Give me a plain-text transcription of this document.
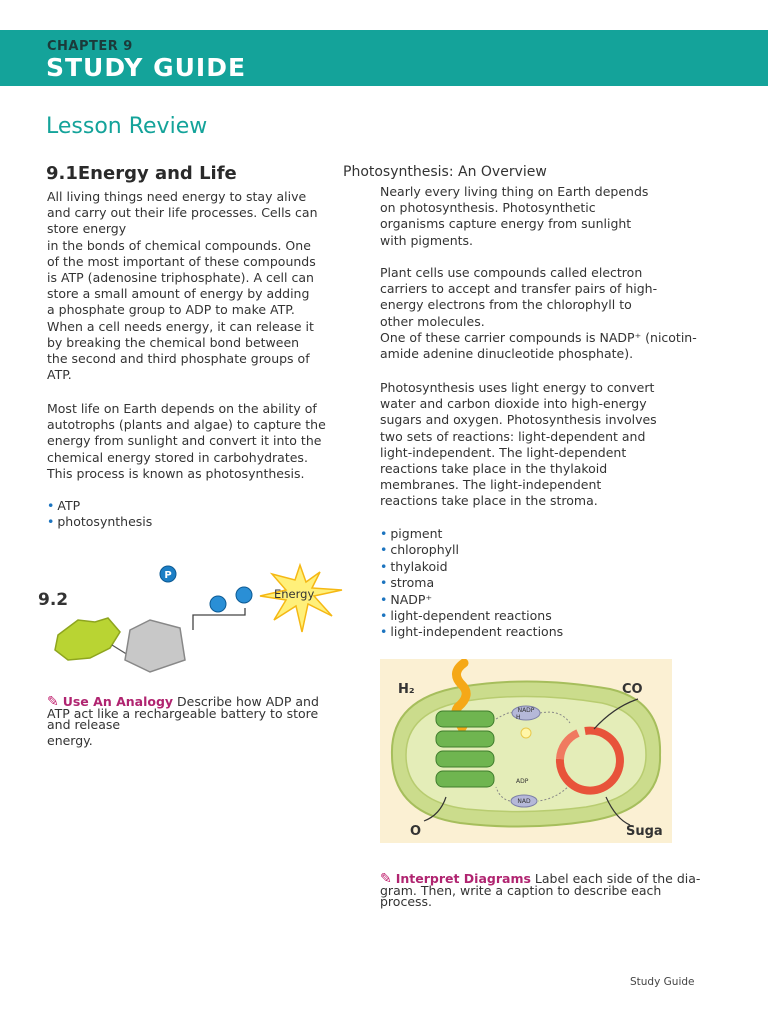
CHAPTER 9
STUDY GUIDE
Lesson Review
9.1Energy and Life
All living things need energy to stay alive
and carry out their life processes. Cells can
store energy
in the bonds of chemical compounds. One
of the most important of these compounds
is ATP (adenosine triphosphate). A cell can
store a small amount of energy by adding
a phosphate group to ADP to make ATP.
When a cell needs energy, it can release it
by breaking the chemical bond between
the second and third phosphate groups of
ATP.
Most life on Earth depends on the ability of
autotrophs (plants and algae) to capture the
energy from sunlight and convert it into the
chemical energy stored in carbohydrates.
This process is known as photosynthesis.
• ATP
• photosynthesis
9.2
P
Energy
✎ Use An Analogy Describe how ADP and
ATP act like a rechargeable battery to store
and release
energy.
Photosynthesis: An Overview
Nearly every living thing on Earth depends
on photosynthesis. Photosynthetic
organisms capture energy from sunlight
with pigments.
Plant cells use compounds called electron
carriers to accept and transfer pairs of high-
energy electrons from the chlorophyll to
other molecules.
One of these carrier compounds is NADP⁺ (nicotin-
amide adenine dinucleotide phosphate).
Photosynthesis uses light energy to convert
water and carbon dioxide into high-energy
sugars and oxygen. Photosynthesis involves
two sets of reactions: light-dependent and
light-independent. The light-dependent
reactions take place in the thylakoid
membranes. The light-independent
reactions take place in the stroma.
• pigment
• chlorophyll
• thylakoid
• stroma
• NADP⁺
• light-dependent reactions
• light-independent reactions
NADP
H
ADP
NAD
H₂	CO
O	Suga
✎ Interpret Diagrams Label each side of the dia-
gram. Then, write a caption to describe each
process.
Study Guide
